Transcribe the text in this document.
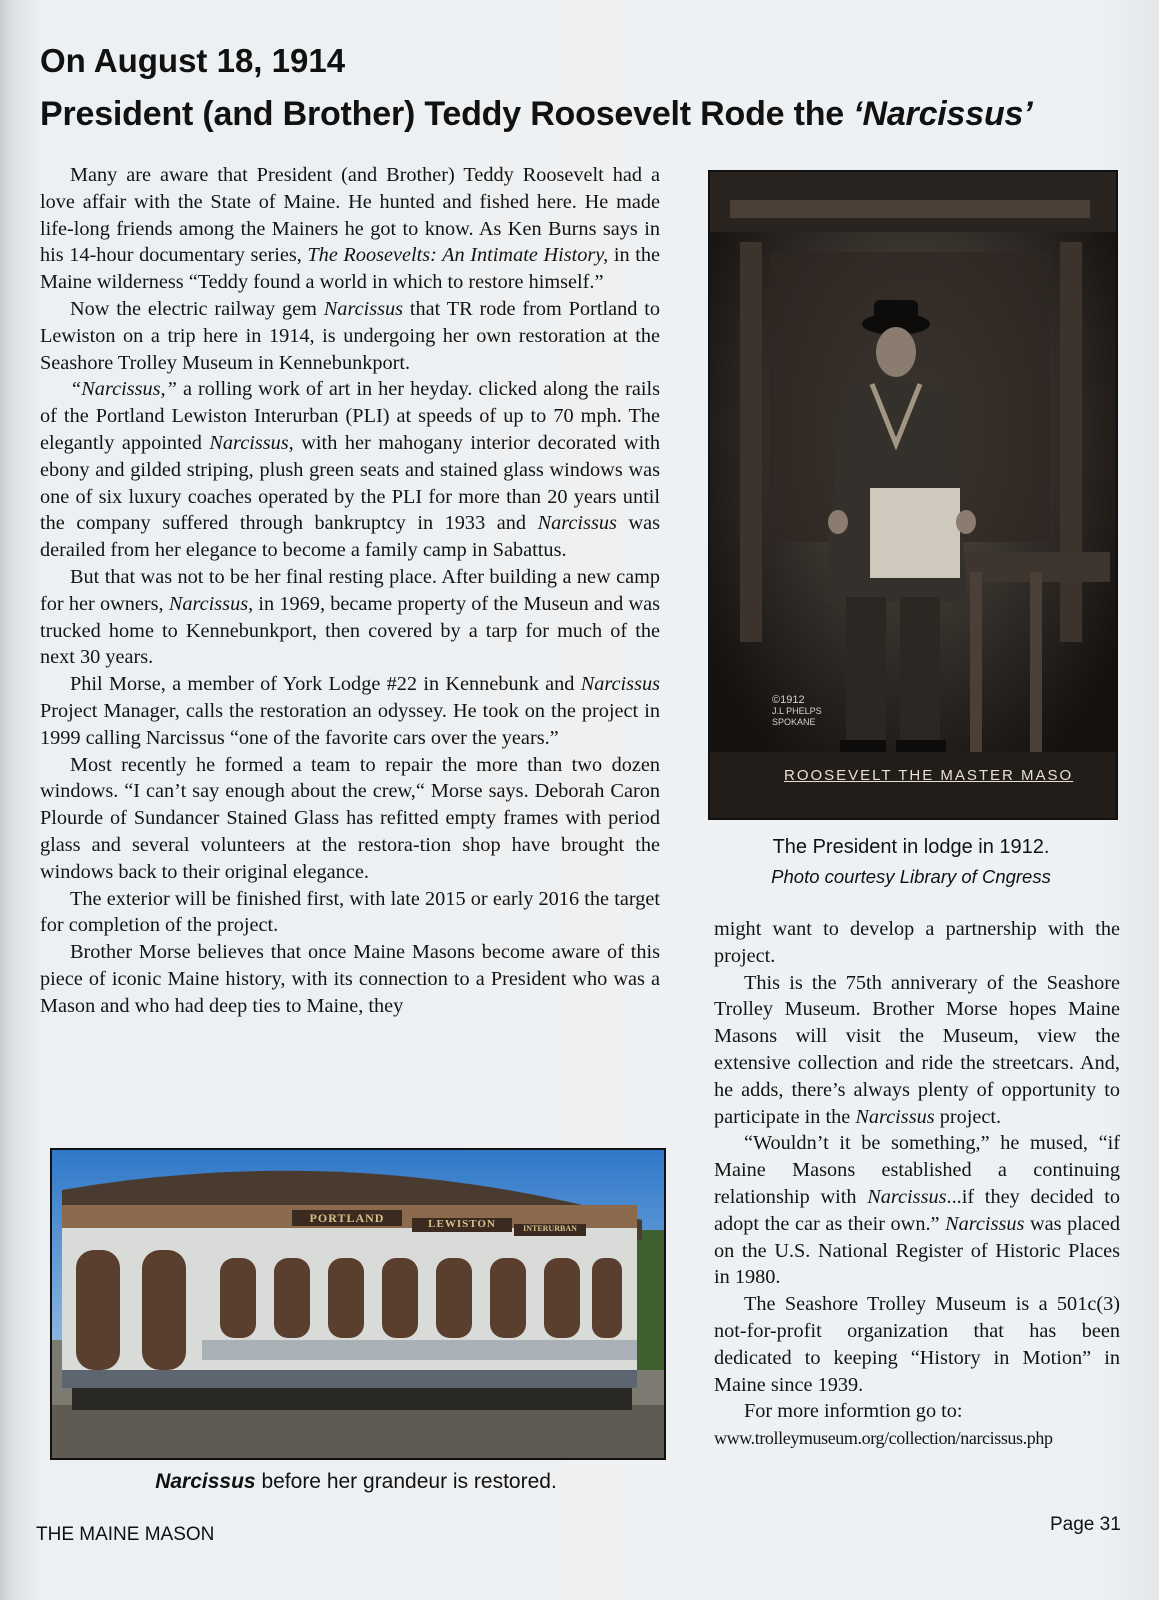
On August 18, 1914
President (and Brother) Teddy Roosevelt Rode the ‘Narcissus’

Many are aware that President (and Brother) Teddy Roosevelt had a love affair with the State of Maine. He hunted and fished here. He made life-long friends among the Mainers he got to know. As Ken Burns says in his 14-hour documentary series, The Roosevelts: An Intimate History, in the Maine wilderness “Teddy found a world in which to restore himself.”

Now the electric railway gem Narcissus that TR rode from Portland to Lewiston on a trip here in 1914, is undergoing her own restoration at the Seashore Trolley Museum in Kennebunkport.

“Narcissus,” a rolling work of art in her heyday. clicked along the rails of the Portland Lewiston Interurban (PLI) at speeds of up to 70 mph. The elegantly appointed Narcissus, with her mahogany interior decorated with ebony and gilded striping, plush green seats and stained glass windows was one of six luxury coaches operated by the PLI for more than 20 years until the company suffered through bankruptcy in 1933 and Narcissus was derailed from her elegance to become a family camp in Sabattus.

But that was not to be her final resting place. After building a new camp for her owners, Narcissus, in 1969, became property of the Museun and was trucked home to Kennebunkport, then covered by a tarp for much of the next 30 years.

Phil Morse, a member of York Lodge #22 in Kennebunk and Narcissus Project Manager, calls the restoration an odyssey. He took on the project in 1999 calling Narcissus “one of the favorite cars over the years.”

Most recently he formed a team to repair the more than two dozen windows. “I can’t say enough about the crew,“ Morse says. Deborah Caron Plourde of Sundancer Stained Glass has refitted empty frames with period glass and several volunteers at the restora-tion shop have brought the windows back to their original elegance.

The exterior will be finished first, with late 2015 or early 2016 the target for completion of the project.

Brother Morse believes that once Maine Masons become aware of this piece of iconic Maine history, with its connection to a President who was a Mason and who had deep ties to Maine, they

©1912
J.L PHELPS
SPOKANE
ROOSEVELT THE MASTER MASO
The President in lodge in 1912.
Photo courtesy Library of Cngress

might want to develop a partnership with the project.

This is the 75th anniverary of the Seashore Trolley Museum. Brother Morse hopes Maine Masons will visit the Museum, view the extensive collection and ride the streetcars. And, he adds, there’s always plenty of opportunity to participate in the Narcissus project.

“Wouldn’t it be something,” he mused, “if Maine Masons established a continuing relationship with Narcissus...if they decided to adopt the car as their own.” Narcissus was placed on the U.S. National Register of Historic Places in 1980.

The Seashore Trolley Museum is a 501c(3) not-for-profit organization that has been dedicated to keeping “History in Motion” in Maine since 1939.

For more informtion go to:

www.trolleymuseum.org/collection/narcissus.php

PORTLAND	LEWISTON	INTERURBAN
Narcissus before her grandeur is restored.
THE MAINE MASON	Page 31
